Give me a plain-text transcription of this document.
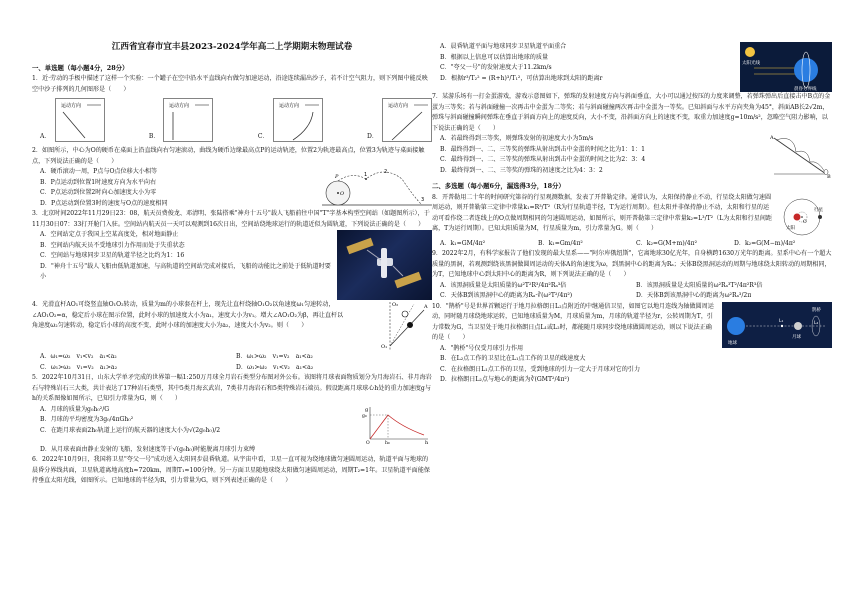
江西省宜春市宜丰县2023-2024学年高二上学期期末物理试卷
一、单选题（每小题4分，28分）

1．近·劳动的手极中描述了这样一个实验：一个罐子在空中沿水平直线向右做匀加速运动，沿途连续漏出沙子，若不计空气阻力，则下列图中能反映空中沙子排列的几何图形是（　　）

A．
运动方向
B．
运动方向
C．
运动方向
D．
运动方向

2．如图所示，中心为O的硬币在桌面上沿直线向右匀速滚动，曲线为硬币边缘最高点P的运动轨迹，位置2为轨迹最高点，位置3为轨迹与桌面接触点，下列说法正确的是（　　）

A．硬币滚动一周，P点与O点位移大小相等
B．P点运动到位置1时速度方向为水平向右
C．P点运动到位置2时向心加速度大小为零
D．P点运动到位置3时的速度与O点的速度相同
P
O
1	2
3

3．北京时间2022年11月29日23：08，航天员费俊龙、邓清明、张陆搭乘"神舟十五号"载人飞船前往中国"T"字基本构型空间站（如题图所示），于11月30日07：33打开舱门入驻。空间站内航天员一天可以观测到16次日出，空间站绕地球运行的轨道近似为圆轨道，下列说法正确的是（　　）

A．空间站定点于我国上空某高度处，相对地面静止
B．空间站内航天员不受地球引力作用而处于失重状态
C．空间站与地球同步卫星的轨道半径之比约为1：16
D．"神舟十五号"载人飞船由低轨道加速，与高轨道的空间站完成对接后，飞船的动能比之前处于低轨道时要小

4．光滑直杆AO₁可绕竖直轴O₁O₂转动，质量为m的小球套在杆上，现先让直杆绕轴O₁O₂以角速度ω₁匀速转动，∠AO₁O₂=α，稳定后小球在图示位置，此时小球的加速度大小为a₁，速度大小为v₁。增大∠AO₁O₂为β，再让直杆以角速度ω₂匀速转动，稳定后小球的高度不变，此时小球的加速度大小为a₂，速度大小为v₂。则（　　）

O₂	A
O₁
A．ω₁=ω₂　v₁<v₂　a₁<a₂	B．ω₁>ω₂　v₁=v₂　a₁<a₂
C．ω₁>ω₂　v₁=v₂　a₁>a₂	D．ω₁>ω₂　v₁<v₂　a₁<a₂

5．2022年10月31日，山东大学单矛完成的世界第一幅1:250万月球全月岩石类型分布图对外公布。该图将月球表面物质划分为月海岩石、非月海岩石与特殊岩石三大类，共计表达了17种岩石类型，其中5类月海玄武岩，7类非月海岩石和5类特殊岩石端员。假设距离月球球心h处的重力加速度g与h的关系图像如图所示，已知引力常量为G，则（　　）

A．月球的质量为g₀h₀²/G
B．月球的平均密度为3g₀/4πGh₀²
C．在距月球表面2h₀轨道上运行的航天器的速度大小为√(2g₀h₀)/2
g
g₀
O	h₀	h
D．从月球表面由静止发射的飞船，发射速度等于√(g₀h₀)时能脱离月球引力束缚

6．2022年10月9日，我国将卫星"夸父一号"成功送入太阳同步晨昏轨道。从宇宙中看，卫星一直可视为绕地球做匀速圆周运动，轨道平面与地球的晨昏分界线共面，卫星轨道离地高度h≈720km，周期T₁≈100分钟。另一方面卫星随地球绕太阳做匀速圆周运动，周期T₂=1年。卫星轨道平面能保持垂直太阳光线，如图所示。已知地球的半径为R，引力常量为G，则下列表述正确的是（　　）

A．晨昏轨道平面与地球同步卫星轨道平面重合
B．根据以上信息可以估算出地球的质量
C．"夸父一号"的发射速度大于11.2km/s
D．根据r³/T₂² = (R+h)³/T₁²，可估算出地球到太阳的距离r
太阳光线
晨昏分界线

7．某游乐场有一打金蛋游戏，游戏示意图如下，弹珠的发射速度方向与斜面垂直，大小可以通过按压的力度来调整，若弹珠弹出后直接击中B点的金蛋为三等奖；若与斜面碰撞一次再击中金蛋为二等奖；若与斜面碰撞两次再击中金蛋为一等奖。已知斜面与水平方向夹角为45°，斜面AB长2√2m，弹珠与斜面碰撞瞬间弹珠在垂直于斜面方向上的速度反向，大小不变，沿斜面方向上的速度不变，取重力加速度g=10m/s²，忽略空气阻力影响，以下说法正确的是（　　）

A．若最终得到三等奖，则弹珠发射的初速度大小为5m/s
B．最终得到一、二、三等奖的弹珠从射出到击中金蛋的时间之比为1：1：1
C．最终得到一、二、三等奖的弹珠从射出到击中金蛋的时间之比为2：3：4
D．最终得到一、二、三等奖的弹珠的初速度之比为4：3：2
A
B
二、多选题（每小题6分，漏选得3分，18分）

8．开普勒用二十年的时间研究第谷的行星观测数据，发表了开普勒定律。通常认为，太阳保持静止不动，行星绕太阳做匀速圆周运动，则开普勒第三定律中常量k₁=R³/T²（R为行星轨道半径，T为运行周期）。但太阳并非保持静止不动，太阳和行星的运动可看作绕二者连线上的O点做周期相同的匀速圆周运动，如图所示，则开普勒第三定律中常量k₂=L³/T²（L为太阳和行星间距离，T为运行周期）。已知太阳质量为M，行星质量为m，引力常量为G。则（　　）

行星
O
太阳
A．k₁=GM/4π²	B．k₁=Gm/4π²	C．k₂=G(M+m)/4π²	D．k₂=G(M−m)/4π²

9．2022年2月，有科学家报告了他们发现的最大星系——"阿尔库俄纽斯"，它离地球30亿光年，自身横跨1630万光年的距离。星系中心有一个超大质量的黑洞，若观测到绕该黑洞做圆周运动的天体A的角速度为ω，到黑洞中心的距离为Rₐ；天体B绕黑洞运动的周期与地球绕太阳转动的周期相同，为T，已知地球中心到太阳中心的距离为R，则下列说法正确的是（　　）

A．该黑洞质量是太阳质量的ω²T²R³/4π²Rₐ³倍	B．该黑洞质量是太阳质量的ω²Rₐ³T²/4π²R³倍
C．天体B到该黑洞中心的距离为Rₐ·∛(ω²T²/4π²)	D．天体B到该黑洞中心的距离为ω²Rₐ³/2π

10．"鹊桥"号是世界首颗运行于地月拉格朗日L₂点附近的中继通信卫星，如图它以地月连线为轴做圆周运动，同时随月球绕地球运转，已知地球质量为M，月球质量为m，月球的轨道半径为r，公转周期为T，引力常数为G，当卫星处于地月拉格朗日点L₁或L₂时，都能随月球同步绕地球做圆周运动，则以下说法正确的是（　　）

A．"鹊桥"号仅受月球引力作用
B．在L₂点工作的卫星比在L₁点工作的卫星的线速度大
C．在拉格朗日L₁点工作的卫星，受到地球的引力一定大于月球对它的引力
D．拉格朗日L₂点与地心的距离为∛(GMT²/4π²)
地球
L₁
月球
L₂
鹊桥
